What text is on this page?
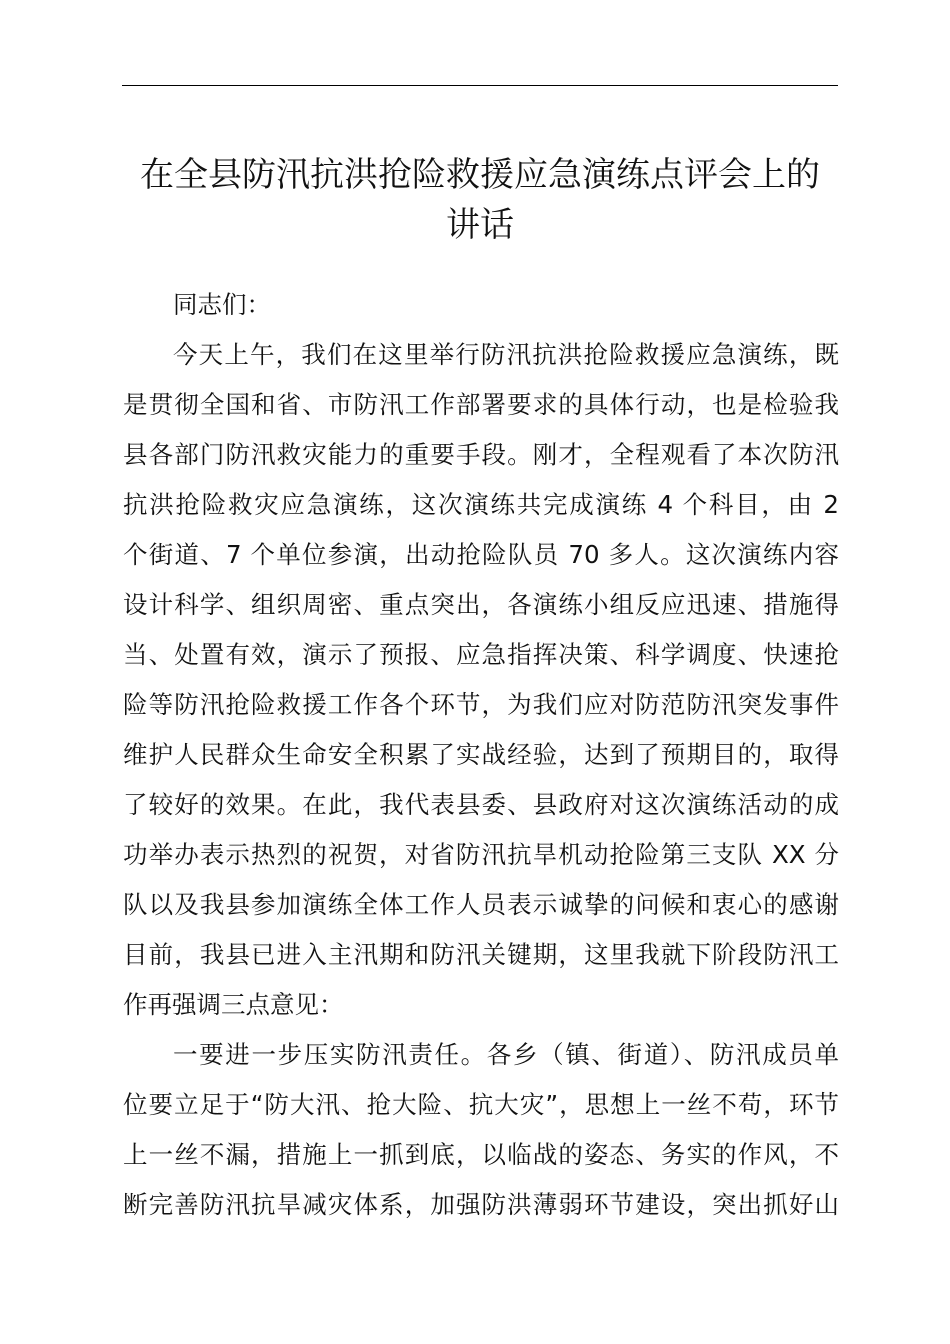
在全县防汛抗洪抢险救援应急演练点评会上的
讲话
同志们：
今天上午，我们在这里举行防汛抗洪抢险救援应急演练，既
是贯彻全国和省、市防汛工作部署要求的具体行动，也是检验我
县各部门防汛救灾能力的重要手段。刚才，全程观看了本次防汛
抗洪抢险救灾应急演练，这次演练共完成演练 4 个科目，由 2
个街道、7 个单位参演，出动抢险队员 70 多人。这次演练内容
设计科学、组织周密、重点突出，各演练小组反应迅速、措施得
当、处置有效，演示了预报、应急指挥决策、科学调度、快速抢
险等防汛抢险救援工作各个环节，为我们应对防范防汛突发事件
维护人民群众生命安全积累了实战经验，达到了预期目的，取得
了较好的效果。在此，我代表县委、县政府对这次演练活动的成
功举办表示热烈的祝贺，对省防汛抗旱机动抢险第三支队 XX 分
队以及我县参加演练全体工作人员表示诚挚的问候和衷心的感谢
目前，我县已进入主汛期和防汛关键期，这里我就下阶段防汛工
作再强调三点意见：
一要进一步压实防汛责任。各乡（镇、街道）、防汛成员单
位要立足于“防大汛、抢大险、抗大灾”，思想上一丝不苟，环节
上一丝不漏，措施上一抓到底，以临战的姿态、务实的作风，不
断完善防汛抗旱减灾体系，加强防洪薄弱环节建设，突出抓好山
